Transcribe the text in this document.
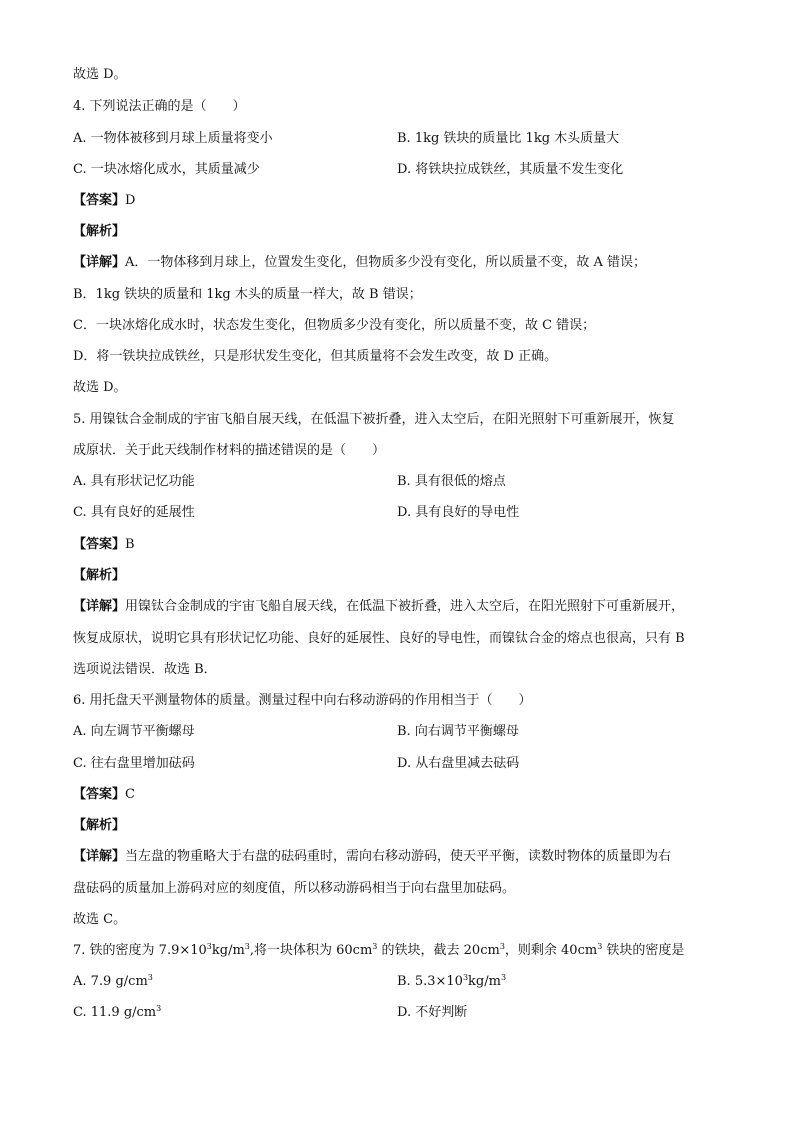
故选 D。
4. 下列说法正确的是（　　）
A. 一物体被移到月球上质量将变小	B. 1kg 铁块的质量比 1kg 木头质量大
C. 一块冰熔化成水，其质量减少	D. 将铁块拉成铁丝，其质量不发生变化
【答案】D
【解析】
【详解】A．一物体移到月球上，位置发生变化，但物质多少没有变化，所以质量不变，故 A 错误；
B．1kg 铁块的质量和 1kg 木头的质量一样大，故 B 错误；
C．一块冰熔化成水时，状态发生变化，但物质多少没有变化，所以质量不变，故 C 错误；
D．将一铁块拉成铁丝，只是形状发生变化，但其质量将不会发生改变，故 D 正确。
故选 D。
5. 用镍钛合金制成的宇宙飞船自展天线，在低温下被折叠，进入太空后，在阳光照射下可重新展开，恢复
成原状．关于此天线制作材料的描述错误的是（　　）
A. 具有形状记忆功能	B. 具有很低的熔点
C. 具有良好的延展性	D. 具有良好的导电性
【答案】B
【解析】
【详解】用镍钛合金制成的宇宙飞船自展天线，在低温下被折叠，进入太空后，在阳光照射下可重新展开，
恢复成原状，说明它具有形状记忆功能、良好的延展性、良好的导电性，而镍钛合金的熔点也很高，只有 B
选项说法错误．故选 B．
6. 用托盘天平测量物体的质量。测量过程中向右移动游码的作用相当于（　　）
A. 向左调节平衡螺母	B. 向右调节平衡螺母
C. 往右盘里增加砝码	D. 从右盘里减去砝码
【答案】C
【解析】
【详解】当左盘的物重略大于右盘的砝码重时，需向右移动游码，使天平平衡，读数时物体的质量即为右
盘砝码的质量加上游码对应的刻度值，所以移动游码相当于向右盘里加砝码。
故选 C。
7. 铁的密度为 $7.9\times 10^3kg/m^3$,将一块体积为 $60cm^3$ 的铁块，截去 $20cm^3$，则剩余 $40cm^3$ 铁块的密度是
A. 7.9 $g/cm^3$	B. $5.3\times 10^3kg/m^3$
C. 11.9 $g/cm^3$	D. 不好判断
